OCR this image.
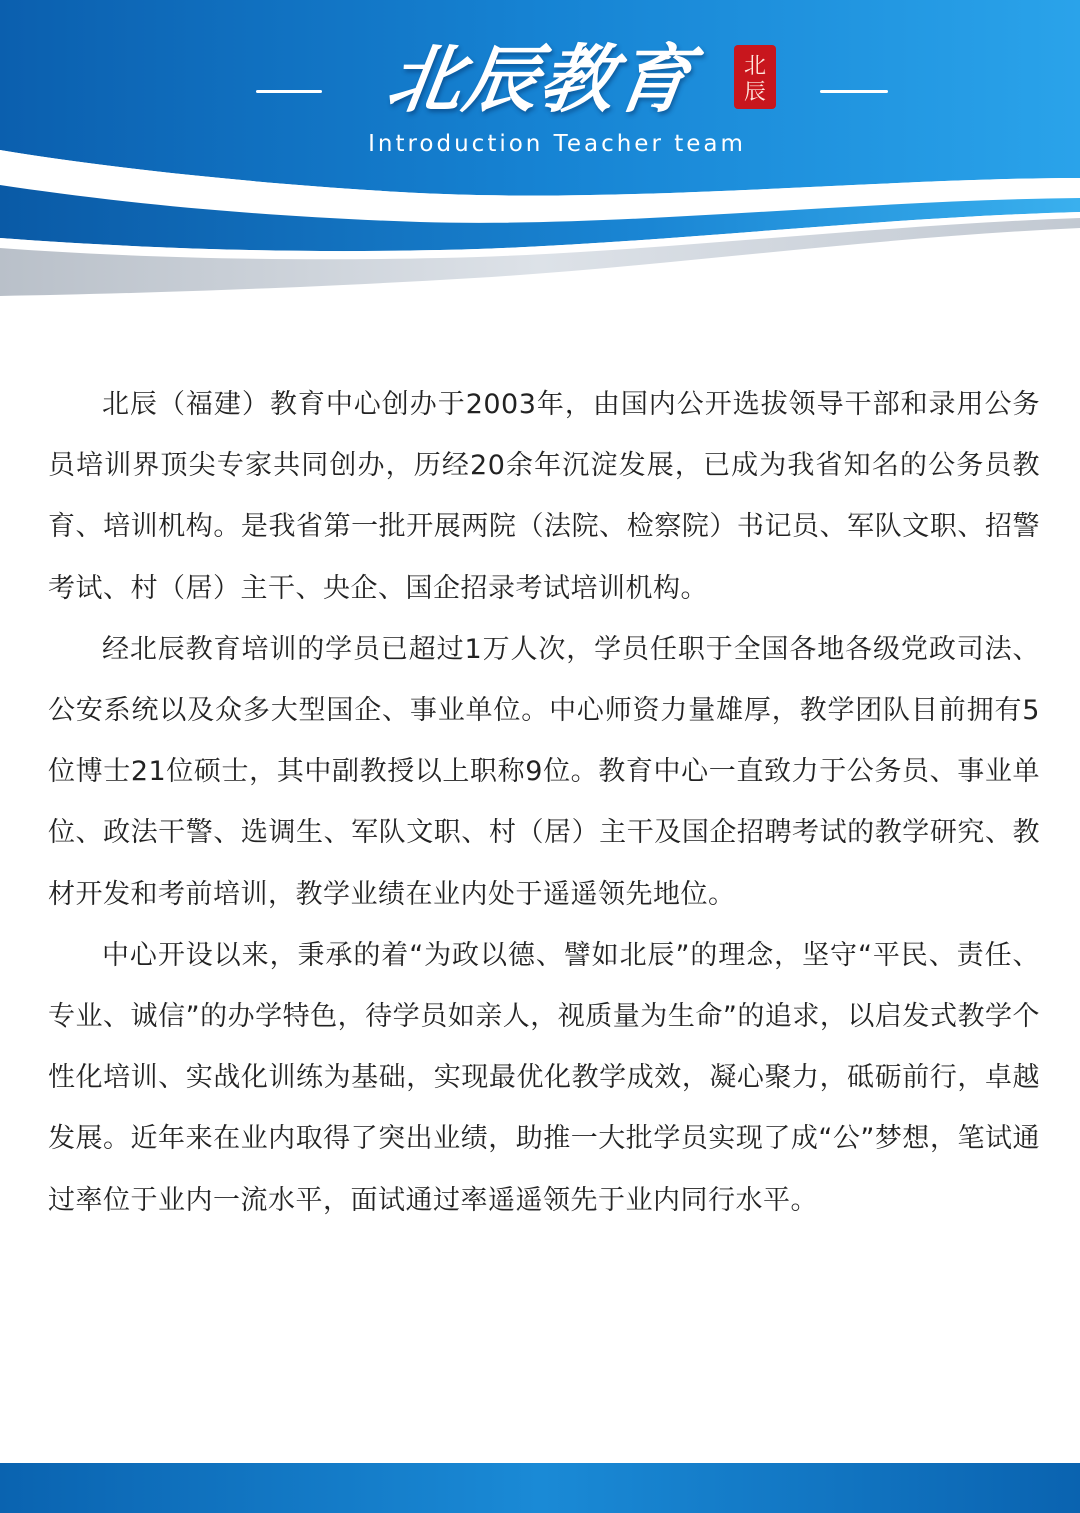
北辰教育	北
辰
Introduction Teacher team

北辰（福建）教育中心创办于2003年，由国内公开选拔领导干部和录用公务员培训界顶尖专家共同创办，历经20余年沉淀发展，已成为我省知名的公务员教育、培训机构。是我省第一批开展两院（法院、检察院）书记员、军队文职、招警考试、村（居）主干、央企、国企招录考试培训机构。

经北辰教育培训的学员已超过1万人次，学员任职于全国各地各级党政司法、公安系统以及众多大型国企、事业单位。中心师资力量雄厚，教学团队目前拥有5位博士21位硕士，其中副教授以上职称9位。教育中心一直致力于公务员、事业单位、政法干警、选调生、军队文职、村（居）主干及国企招聘考试的教学研究、教材开发和考前培训，教学业绩在业内处于遥遥领先地位。

中心开设以来，秉承的着“为政以德、譬如北辰”的理念，坚守“平民、责任、专业、诚信”的办学特色，待学员如亲人，视质量为生命”的追求，以启发式教学个性化培训、实战化训练为基础，实现最优化教学成效，凝心聚力，砥砺前行，卓越发展。近年来在业内取得了突出业绩，助推一大批学员实现了成“公”梦想，笔试通过率位于业内一流水平，面试通过率遥遥领先于业内同行水平。
